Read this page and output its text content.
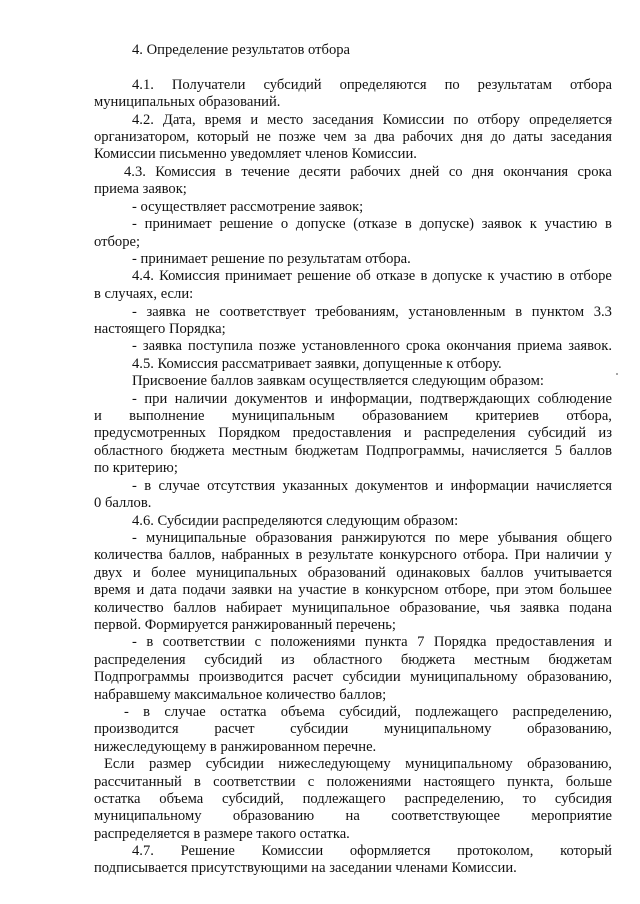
4. Определение результатов отбора
4.1. Получатели субсидий определяются по результатам отбора
муниципальных образований.
4.2. Дата, время и место заседания Комиссии по отбору определяется
организатором, который не позже чем за два рабочих дня до даты заседания
Комиссии письменно уведомляет членов Комиссии.
4.3. Комиссия в течение десяти рабочих дней со дня окончания срока
приема заявок;
- осуществляет рассмотрение заявок;
- принимает решение о допуске (отказе в допуске) заявок к участию в
отборе;
- принимает решение по результатам отбора.
4.4. Комиссия принимает решение об отказе в допуске к участию в отборе
в случаях, если:
- заявка не соответствует требованиям, установленным в пунктом 3.3
настоящего Порядка;
- заявка поступила позже установленного срока окончания приема заявок.
4.5. Комиссия рассматривает заявки, допущенные к отбору.
Присвоение баллов заявкам осуществляется следующим образом:
- при наличии документов и информации, подтверждающих соблюдение
и выполнение муниципальным образованием критериев отбора,
предусмотренных Порядком предоставления и распределения субсидий из
областного бюджета местным бюджетам Подпрограммы, начисляется 5 баллов
по критерию;
- в случае отсутствия указанных документов и информации начисляется
0 баллов.
4.6. Субсидии распределяются следующим образом:
- муниципальные образования ранжируются по мере убывания общего
количества баллов, набранных в результате конкурсного отбора. При наличии у
двух и более муниципальных образований одинаковых баллов учитывается
время и дата подачи заявки на участие в конкурсном отборе, при этом большее
количество баллов набирает муниципальное образование, чья заявка подана
первой. Формируется ранжированный перечень;
- в соответствии с положениями пункта 7 Порядка предоставления и
распределения субсидий из областного бюджета местным бюджетам
Подпрограммы производится расчет субсидии муниципальному образованию,
набравшему максимальное количество баллов;
- в случае остатка объема субсидий, подлежащего распределению,
производится расчет субсидии муниципальному образованию,
нижеследующему в ранжированном перечне.
Если размер субсидии нижеследующему муниципальному образованию,
рассчитанный в соответствии с положениями настоящего пункта, больше
остатка объема субсидий, подлежащего распределению, то субсидия
муниципальному образованию на соответствующее мероприятие
распределяется в размере такого остатка.
4.7. Решение Комиссии оформляется протоколом, который
подписывается присутствующими на заседании членами Комиссии.
